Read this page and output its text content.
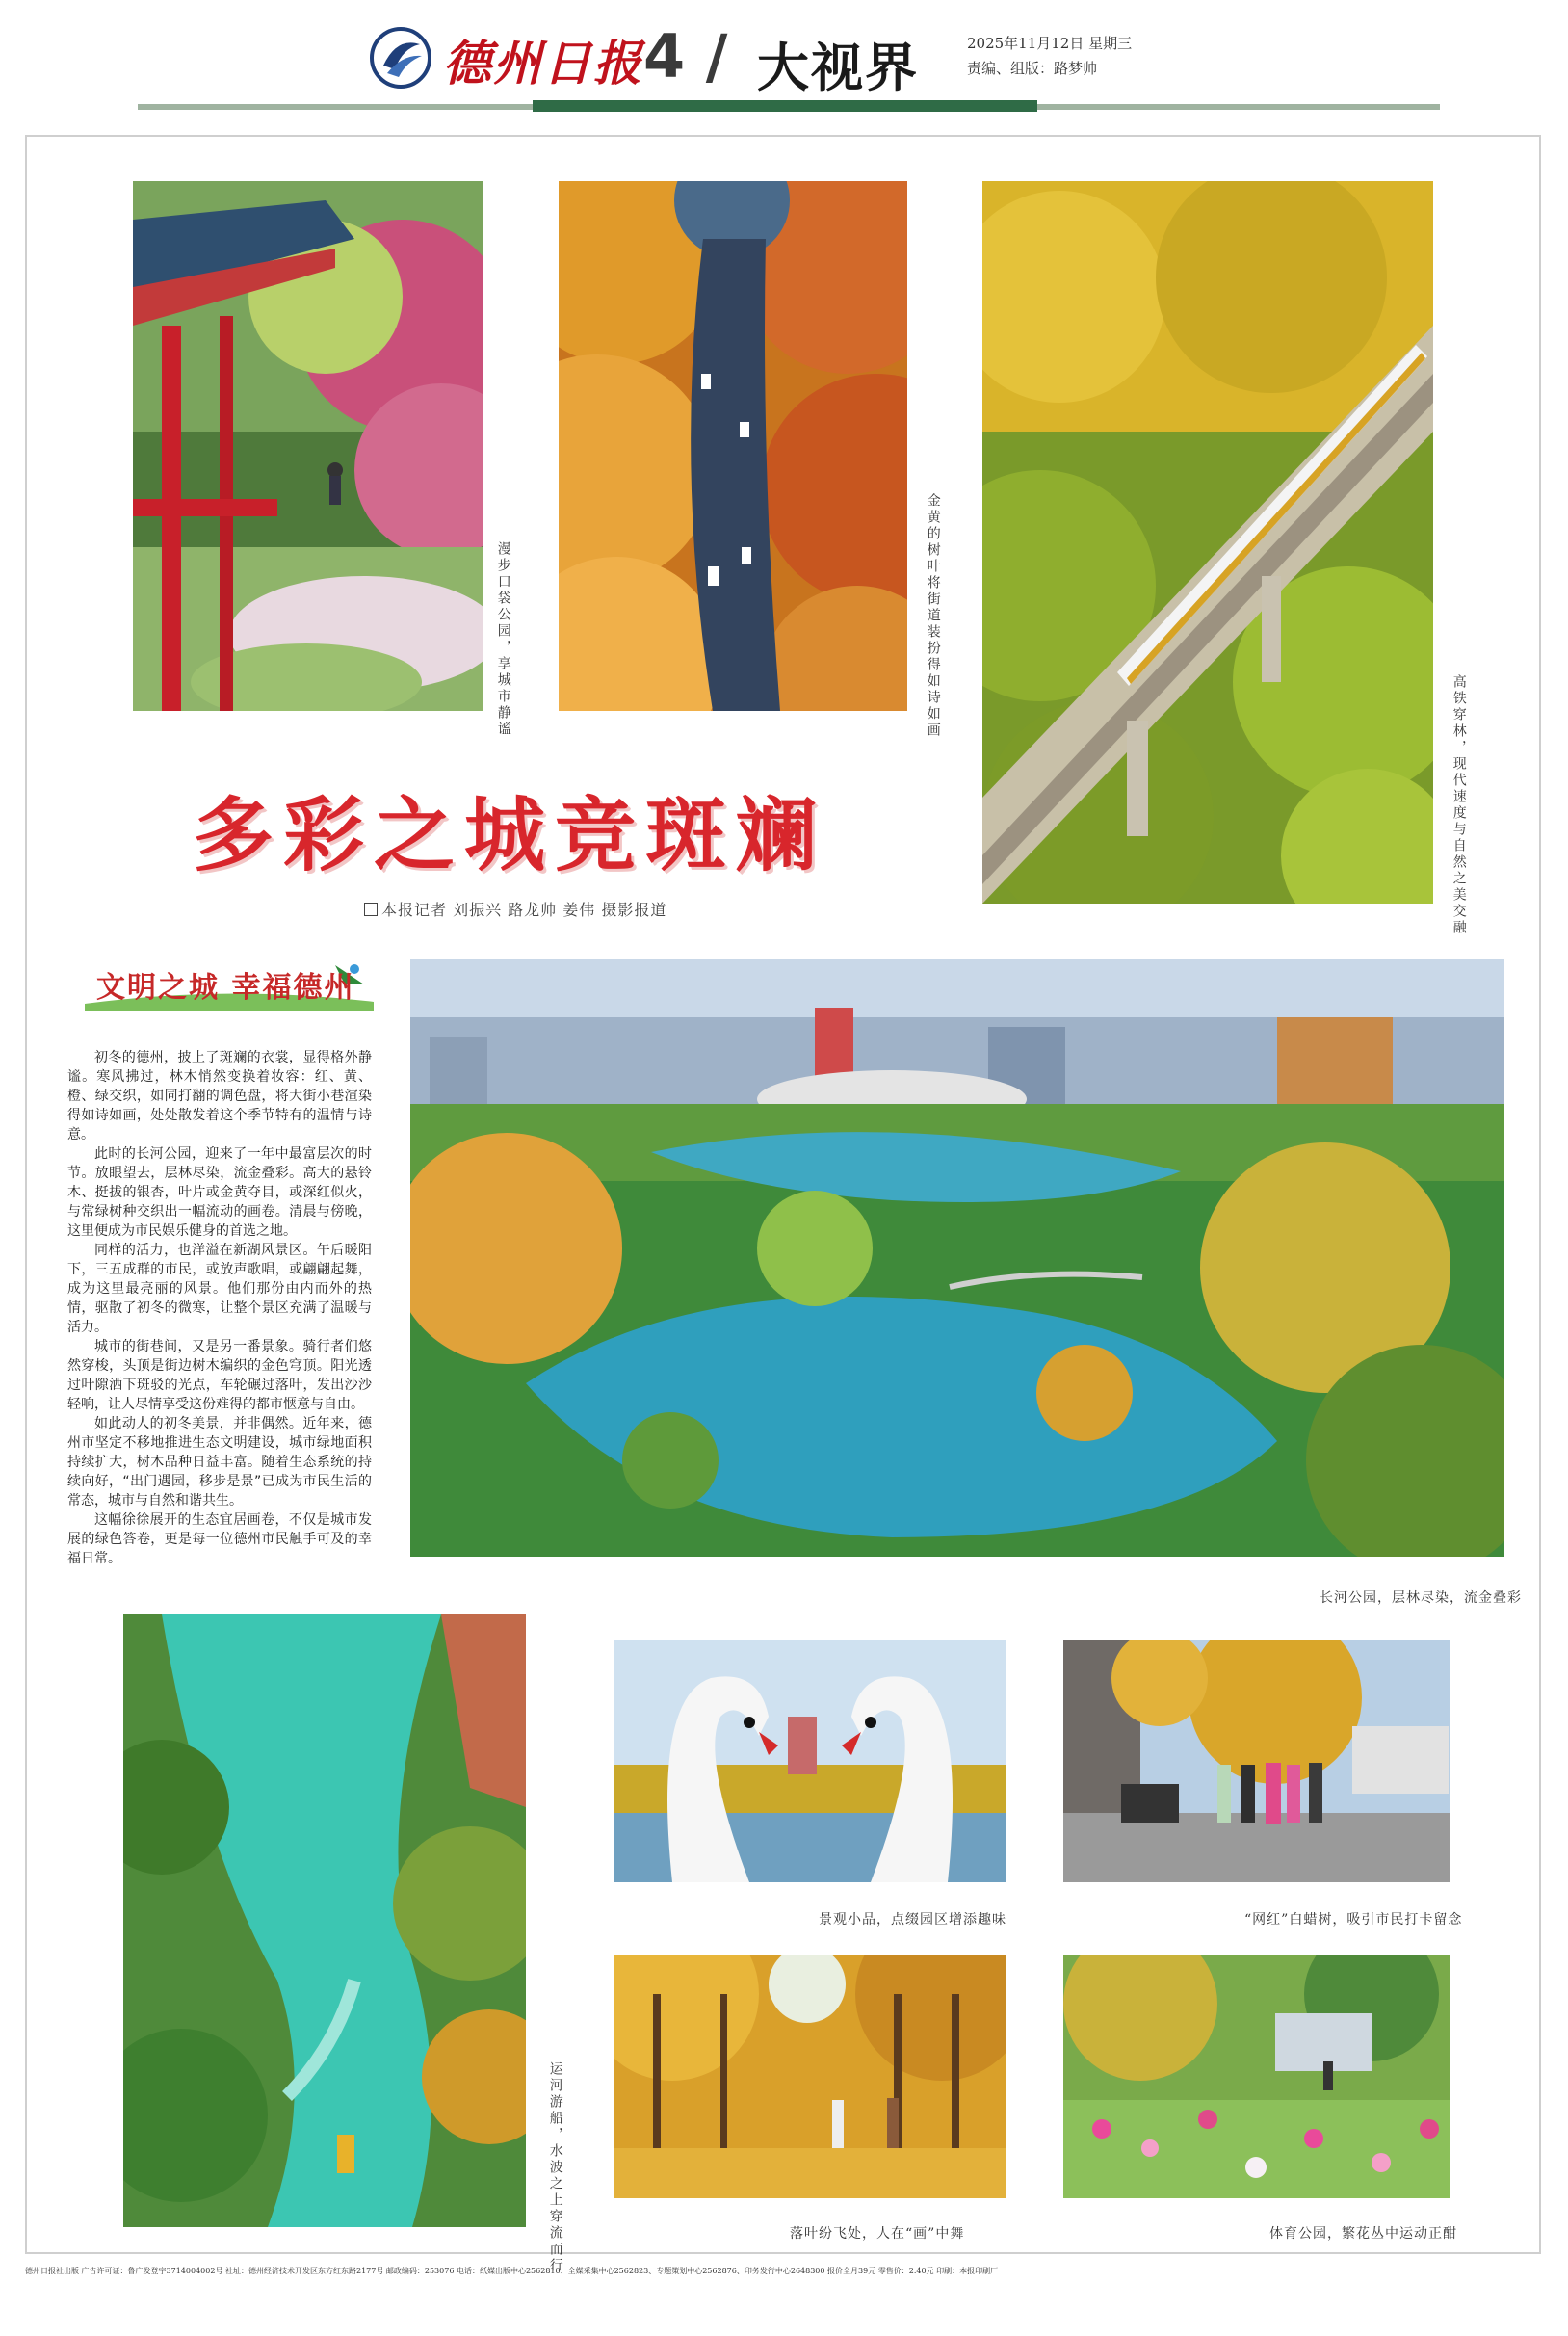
德州日报 4 / 大视界	2025年11月12日 星期三
责编、组版：路梦帅
漫步口袋公园，享城市静谧	金黄的树叶将街道装扮得如诗如画
高铁穿林，现代速度与自然之美交融
多彩之城竞斑斓
本报记者 刘振兴 路龙帅 姜伟 摄影报道
文明之城 幸福德州

初冬的德州，披上了斑斓的衣裳，显得格外静谧。寒风拂过，林木悄然变换着妆容：红、黄、橙、绿交织，如同打翻的调色盘，将大街小巷渲染得如诗如画，处处散发着这个季节特有的温情与诗意。

此时的长河公园，迎来了一年中最富层次的时节。放眼望去，层林尽染，流金叠彩。高大的悬铃木、挺拔的银杏，叶片或金黄夺目，或深红似火，与常绿树种交织出一幅流动的画卷。清晨与傍晚，这里便成为市民娱乐健身的首选之地。

同样的活力，也洋溢在新湖风景区。午后暖阳下，三五成群的市民，或放声歌唱，或翩翩起舞，成为这里最亮丽的风景。他们那份由内而外的热情，驱散了初冬的微寒，让整个景区充满了温暖与活力。

城市的街巷间，又是另一番景象。骑行者们悠然穿梭，头顶是街边树木编织的金色穹顶。阳光透过叶隙洒下斑驳的光点，车轮碾过落叶，发出沙沙轻响，让人尽情享受这份难得的都市惬意与自由。

如此动人的初冬美景，并非偶然。近年来，德州市坚定不移地推进生态文明建设，城市绿地面积持续扩大，树木品种日益丰富。随着生态系统的持续向好，“出门遇园，移步是景”已成为市民生活的常态，城市与自然和谐共生。

这幅徐徐展开的生态宜居画卷，不仅是城市发展的绿色答卷，更是每一位德州市民触手可及的幸福日常。

长河公园，层林尽染，流金叠彩
运河游船，水波之上穿流而行
景观小品，点缀园区增添趣味	“网红”白蜡树，吸引市民打卡留念
落叶纷飞处，人在“画”中舞	体育公园，繁花丛中运动正酣
德州日报社出版 广告许可证：鲁广发登字3714004002号 社址：德州经济技术开发区东方红东路2177号 邮政编码：253076 电话：纸媒出版中心2562810、全媒采集中心2562823、专题策划中心2562876、印务发行中心2648300 报价全月39元 零售价：2.40元 印刷：本报印刷厂
